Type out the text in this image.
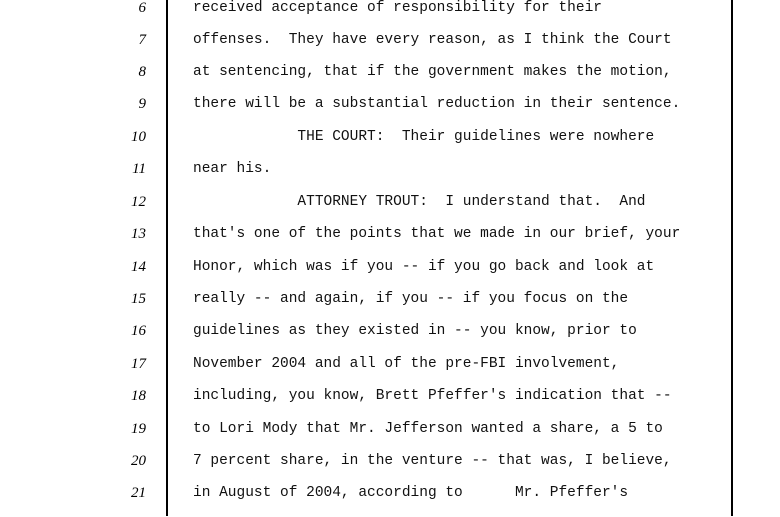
6	received acceptance of responsibility for their
7	offenses.  They have every reason, as I think the Court
8	at sentencing, that if the government makes the motion,
9	there will be a substantial reduction in their sentence.
10	THE COURT:  Their guidelines were nowhere
11	near his.
12	ATTORNEY TROUT:  I understand that.  And
13	that's one of the points that we made in our brief, your
14	Honor, which was if you -- if you go back and look at
15	really -- and again, if you -- if you focus on the
16	guidelines as they existed in -- you know, prior to
17	November 2004 and all of the pre-FBI involvement,
18	including, you know, Brett Pfeffer's indication that --
19	to Lori Mody that Mr. Jefferson wanted a share, a 5 to
20	7 percent share, in the venture -- that was, I believe,
21	in August of 2004, according to      Mr. Pfeffer's
